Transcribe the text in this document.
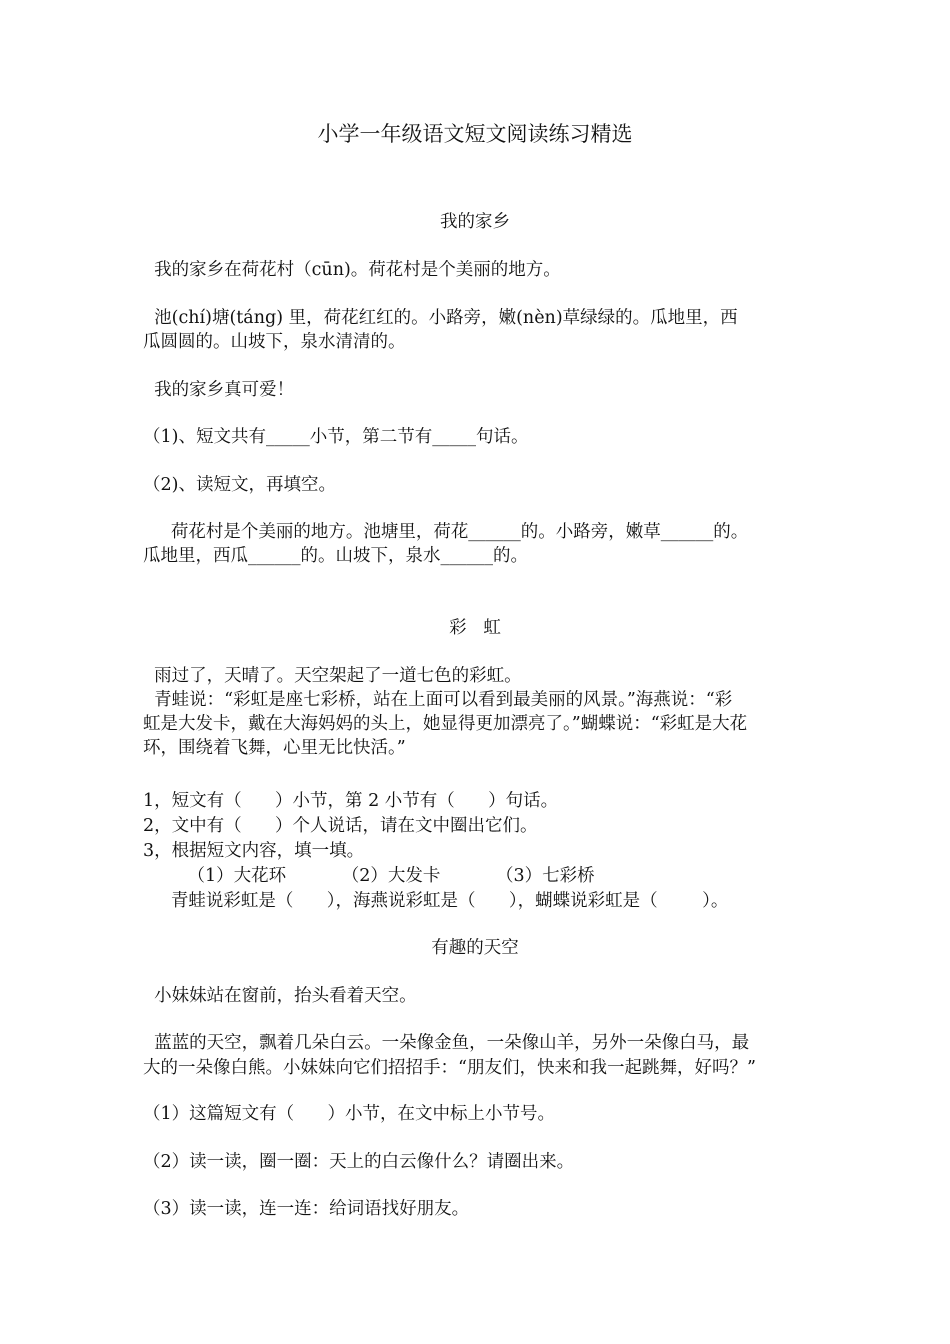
小学一年级语文短文阅读练习精选
我的家乡
我的家乡在荷花村（cūn)。荷花村是个美丽的地方。
池(chí)塘(táng) 里，荷花红红的。小路旁，嫩(nèn)草绿绿的。瓜地里，西
瓜圆圆的。山坡下，泉水清清的。
我的家乡真可爱！
（1)、短文共有_____小节，第二节有_____句话。
（2)、读短文，再填空。
荷花村是个美丽的地方。池塘里，荷花______的。小路旁，嫩草______的。
瓜地里，西瓜______的。山坡下，泉水______的。
彩   虹
雨过了，天晴了。天空架起了一道七色的彩虹。
青蛙说：“彩虹是座七彩桥，站在上面可以看到最美丽的风景。”海燕说：“彩
虹是大发卡，戴在大海妈妈的头上，她显得更加漂亮了。”蝴蝶说：“彩虹是大花
环，围绕着飞舞，心里无比快活。”
1，短文有（      ）小节，第 2 小节有（      ）句话。
2，文中有（      ）个人说话，请在文中圈出它们。
3，根据短文内容，填一填。
（1）大花环          （2）大发卡          （3）七彩桥
青蛙说彩虹是（      ），海燕说彩虹是（      ），蝴蝶说彩虹是（        ）。
有趣的天空
小妹妹站在窗前，抬头看着天空。
蓝蓝的天空，飘着几朵白云。一朵像金鱼，一朵像山羊，另外一朵像白马，最
大的一朵像白熊。小妹妹向它们招招手：“朋友们，快来和我一起跳舞，好吗？”
（1）这篇短文有（      ）小节，在文中标上小节号。
（2）读一读，圈一圈：天上的白云像什么？请圈出来。
（3）读一读，连一连：给词语找好朋友。
